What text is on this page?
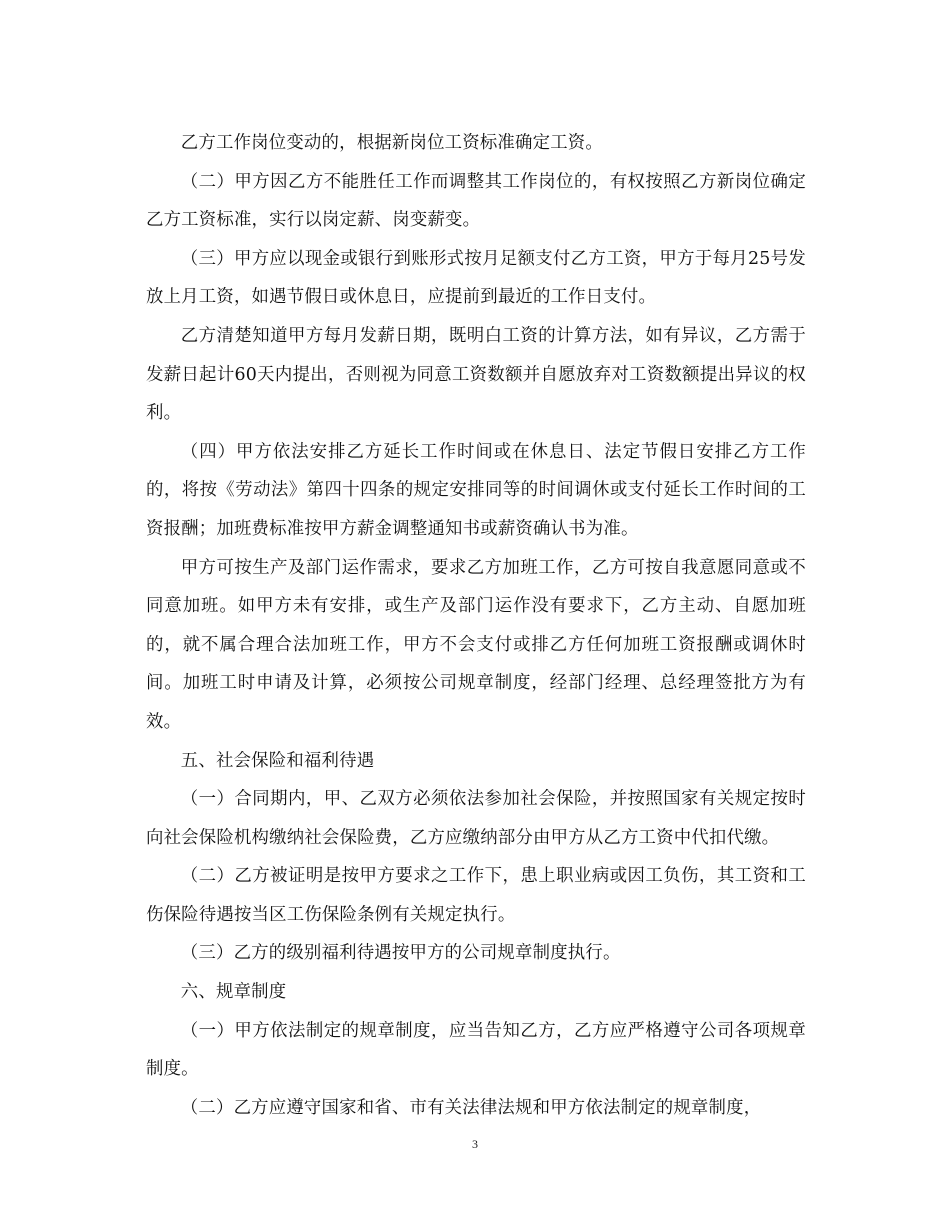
乙方工作岗位变动的，根据新岗位工资标准确定工资。

（二）甲方因乙方不能胜任工作而调整其工作岗位的，有权按照乙方新岗位确定乙方工资标准，实行以岗定薪、岗变薪变。

（三）甲方应以现金或银行到账形式按月足额支付乙方工资，甲方于每月25号发放上月工资，如遇节假日或休息日，应提前到最近的工作日支付。

乙方清楚知道甲方每月发薪日期，既明白工资的计算方法，如有异议，乙方需于发薪日起计60天内提出，否则视为同意工资数额并自愿放弃对工资数额提出异议的权利。

（四）甲方依法安排乙方延长工作时间或在休息日、法定节假日安排乙方工作的，将按《劳动法》第四十四条的规定安排同等的时间调休或支付延长工作时间的工资报酬；加班费标准按甲方薪金调整通知书或薪资确认书为准。

甲方可按生产及部门运作需求，要求乙方加班工作，乙方可按自我意愿同意或不同意加班。如甲方未有安排，或生产及部门运作没有要求下，乙方主动、自愿加班的，就不属合理合法加班工作，甲方不会支付或排乙方任何加班工资报酬或调休时间。加班工时申请及计算，必须按公司规章制度，经部门经理、总经理签批方为有效。

五、社会保险和福利待遇

（一）合同期内，甲、乙双方必须依法参加社会保险，并按照国家有关规定按时向社会保险机构缴纳社会保险费，乙方应缴纳部分由甲方从乙方工资中代扣代缴。

（二）乙方被证明是按甲方要求之工作下，患上职业病或因工负伤，其工资和工伤保险待遇按当区工伤保险条例有关规定执行。

（三）乙方的级别福利待遇按甲方的公司规章制度执行。

六、规章制度

（一）甲方依法制定的规章制度，应当告知乙方，乙方应严格遵守公司各项规章制度。

（二）乙方应遵守国家和省、市有关法律法规和甲方依法制定的规章制度，

3
